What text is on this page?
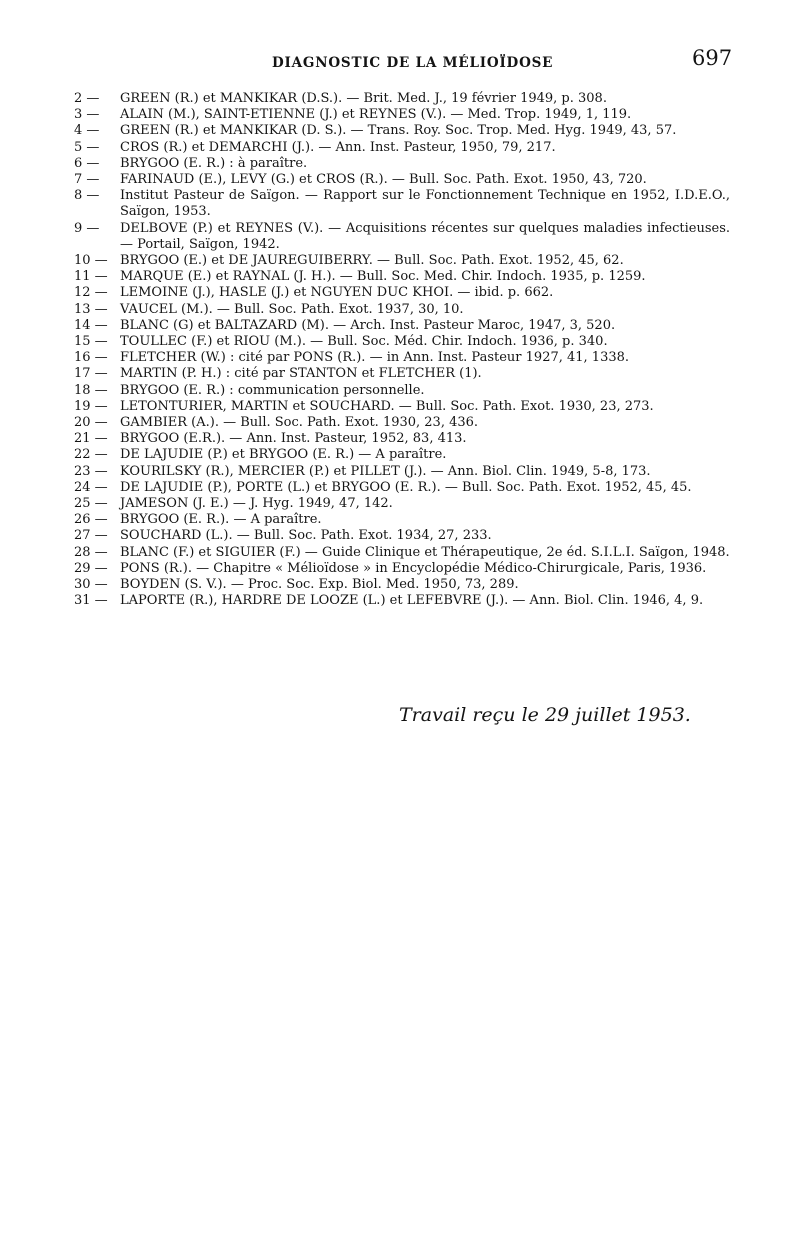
DIAGNOSTIC DE LA MÉLIOÏDOSE	697
2 —	GREEN (R.) et MANKIKAR (D.S.). — Brit. Med. J., 19 février 1949, p. 308.
3 —	ALAIN (M.), SAINT-ETIENNE (J.) et REYNES (V.). — Med. Trop. 1949, 1, 119.
4 —	GREEN (R.) et MANKIKAR (D. S.). — Trans. Roy. Soc. Trop. Med. Hyg. 1949, 43, 57.
5 —	CROS (R.) et DEMARCHI (J.). — Ann. Inst. Pasteur, 1950, 79, 217.
6 —	BRYGOO (E. R.) : à paraître.
7 —	FARINAUD (E.), LEVY (G.) et CROS (R.). — Bull. Soc. Path. Exot. 1950, 43, 720.
8 —	Institut Pasteur de Saïgon. — Rapport sur le Fonctionnement Technique en 1952, I.D.E.O., Saïgon, 1953.
9 —	DELBOVE (P.) et REYNES (V.). — Acquisitions récentes sur quelques maladies infectieuses. — Portail, Saïgon, 1942.
10 — BRYGOO (E.) et DE JAUREGUIBERRY. — Bull. Soc. Path. Exot. 1952, 45, 62.
11 — MARQUE (E.) et RAYNAL (J. H.). — Bull. Soc. Med. Chir. Indoch. 1935, p. 1259.
12 — LEMOINE (J.), HASLE (J.) et NGUYEN DUC KHOI. — ibid. p. 662.
13 — VAUCEL (M.). — Bull. Soc. Path. Exot. 1937, 30, 10.
14 — BLANC (G) et BALTAZARD (M). — Arch. Inst. Pasteur Maroc, 1947, 3, 520.
15 — TOULLEC (F.) et RIOU (M.). — Bull. Soc. Méd. Chir. Indoch. 1936, p. 340.
16 — FLETCHER (W.) : cité par PONS (R.). — in Ann. Inst. Pasteur 1927, 41, 1338.
17 — MARTIN (P. H.) : cité par STANTON et FLETCHER (1).
18 — BRYGOO (E. R.) : communication personnelle.
19 — LETONTURIER, MARTIN et SOUCHARD. — Bull. Soc. Path. Exot. 1930, 23, 273.
20 — GAMBIER (A.). — Bull. Soc. Path. Exot. 1930, 23, 436.
21 — BRYGOO (E.R.). — Ann. Inst. Pasteur, 1952, 83, 413.
22 — DE LAJUDIE (P.) et BRYGOO (E. R.) — A paraître.
23 — KOURILSKY (R.), MERCIER (P.) et PILLET (J.). — Ann. Biol. Clin. 1949, 5-8, 173.
24 — DE LAJUDIE (P.), PORTE (L.) et BRYGOO (E. R.). — Bull. Soc. Path. Exot. 1952, 45, 45.
25 — JAMESON (J. E.) — J. Hyg. 1949, 47, 142.
26 — BRYGOO (E. R.). — A paraître.
27 — SOUCHARD (L.). — Bull. Soc. Path. Exot. 1934, 27, 233.
28 — BLANC (F.) et SIGUIER (F.) — Guide Clinique et Thérapeutique, 2e éd. S.I.L.I. Saïgon, 1948.
29 — PONS (R.). — Chapitre « Mélioïdose » in Encyclopédie Médico-Chirurgicale, Paris, 1936.
30 — BOYDEN (S. V.). — Proc. Soc. Exp. Biol. Med. 1950, 73, 289.
31 — LAPORTE (R.), HARDRE DE LOOZE (L.) et LEFEBVRE (J.). — Ann. Biol. Clin. 1946, 4, 9.
Travail reçu le 29 juillet 1953.
